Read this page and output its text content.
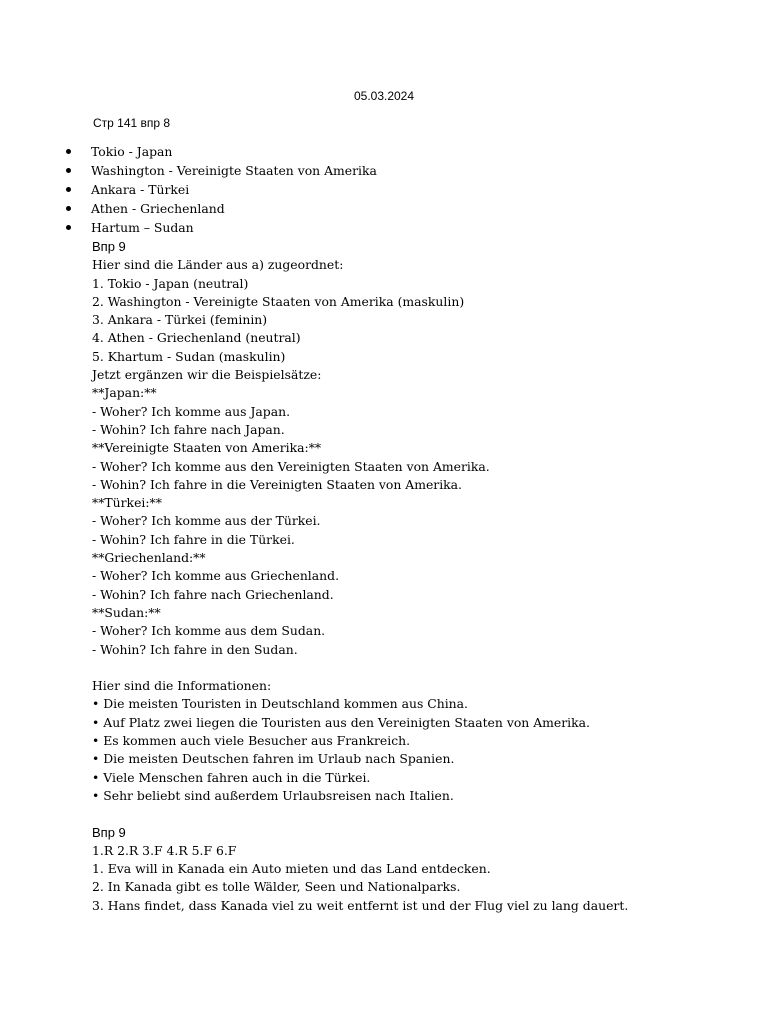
05.03.2024
Стр 141 впр 8
Tokio - Japan
Washington - Vereinigte Staaten von Amerika
Ankara - Türkei
Athen - Griechenland
Hartum – Sudan
Впр 9
Hier sind die Länder aus a) zugeordnet:
1. Tokio - Japan (neutral)
2. Washington - Vereinigte Staaten von Amerika (maskulin)
3. Ankara - Türkei (feminin)
4. Athen - Griechenland (neutral)
5. Khartum - Sudan (maskulin)
Jetzt ergänzen wir die Beispielsätze:
**Japan:**
- Woher? Ich komme aus Japan.
- Wohin? Ich fahre nach Japan.
**Vereinigte Staaten von Amerika:**
- Woher? Ich komme aus den Vereinigten Staaten von Amerika.
- Wohin? Ich fahre in die Vereinigten Staaten von Amerika.
**Türkei:**
- Woher? Ich komme aus der Türkei.
- Wohin? Ich fahre in die Türkei.
**Griechenland:**
- Woher? Ich komme aus Griechenland.
- Wohin? Ich fahre nach Griechenland.
**Sudan:**
- Woher? Ich komme aus dem Sudan.
- Wohin? Ich fahre in den Sudan.
Hier sind die Informationen:
• Die meisten Touristen in Deutschland kommen aus China.
• Auf Platz zwei liegen die Touristen aus den Vereinigten Staaten von Amerika.
• Es kommen auch viele Besucher aus Frankreich.
• Die meisten Deutschen fahren im Urlaub nach Spanien.
• Viele Menschen fahren auch in die Türkei.
• Sehr beliebt sind außerdem Urlaubsreisen nach Italien.
Впр 9
1.R 2.R 3.F 4.R 5.F 6.F
1. Eva will in Kanada ein Auto mieten und das Land entdecken.
2. In Kanada gibt es tolle Wälder, Seen und Nationalparks.
3. Hans findet, dass Kanada viel zu weit entfernt ist und der Flug viel zu lang dauert.
